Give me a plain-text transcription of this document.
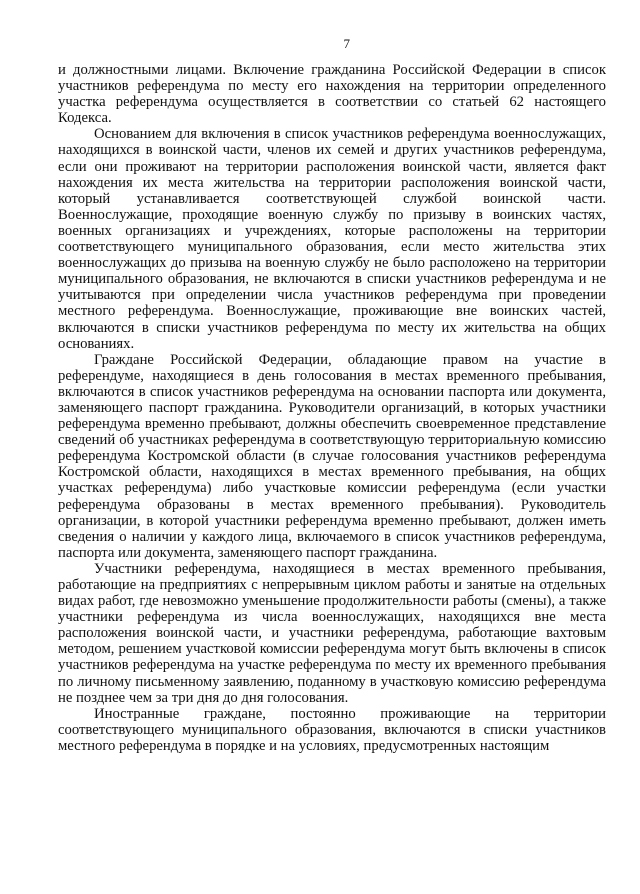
7

и должностными лицами. Включение гражданина Российской Федерации в список участников референдума по месту его нахождения на территории определенного участка референдума осуществляется в соответствии со статьей 62 настоящего Кодекса.

Основанием для включения в список участников референдума военнослужащих, находящихся в воинской части, членов их семей и других участников референдума, если они проживают на территории расположения воинской части, является факт нахождения их места жительства на территории расположения воинской части, который устанавливается соответствующей службой воинской части. Военнослужащие, проходящие военную службу по призыву в воинских частях, военных организациях и учреждениях, которые расположены на территории соответствующего муниципального образования, если место жительства этих военнослужащих до призыва на военную службу не было расположено на территории муниципального образования, не включаются в списки участников референдума и не учитываются при определении числа участников референдума при проведении местного референдума. Военнослужащие, проживающие вне воинских частей, включаются в списки участников референдума по месту их жительства на общих основаниях.

Граждане Российской Федерации, обладающие правом на участие в референдуме, находящиеся в день голосования в местах временного пребывания, включаются в список участников референдума на основании паспорта или документа, заменяющего паспорт гражданина. Руководители организаций, в которых участники референдума временно пребывают, должны обеспечить своевременное представление сведений об участниках референдума в соответствующую территориальную комиссию референдума Костромской области (в случае голосования участников референдума Костромской области, находящихся в местах временного пребывания, на общих участках референдума) либо участковые комиссии референдума (если участки референдума образованы в местах временного пребывания). Руководитель организации, в которой участники референдума временно пребывают, должен иметь сведения о наличии у каждого лица, включаемого в список участников референдума, паспорта или документа, заменяющего паспорт гражданина.

Участники референдума, находящиеся в местах временного пребывания, работающие на предприятиях с непрерывным циклом работы и занятые на отдельных видах работ, где невозможно уменьшение продолжительности работы (смены), а также участники референдума из числа военнослужащих, находящихся вне места расположения воинской части, и участники референдума, работающие вахтовым методом, решением участковой комиссии референдума могут быть включены в список участников референдума на участке референдума по месту их временного пребывания по личному письменному заявлению, поданному в участковую комиссию референдума не позднее чем за три дня до дня голосования.

Иностранные граждане, постоянно проживающие на территории соответствующего муниципального образования, включаются в списки участников местного референдума в порядке и на условиях, предусмотренных настоящим
